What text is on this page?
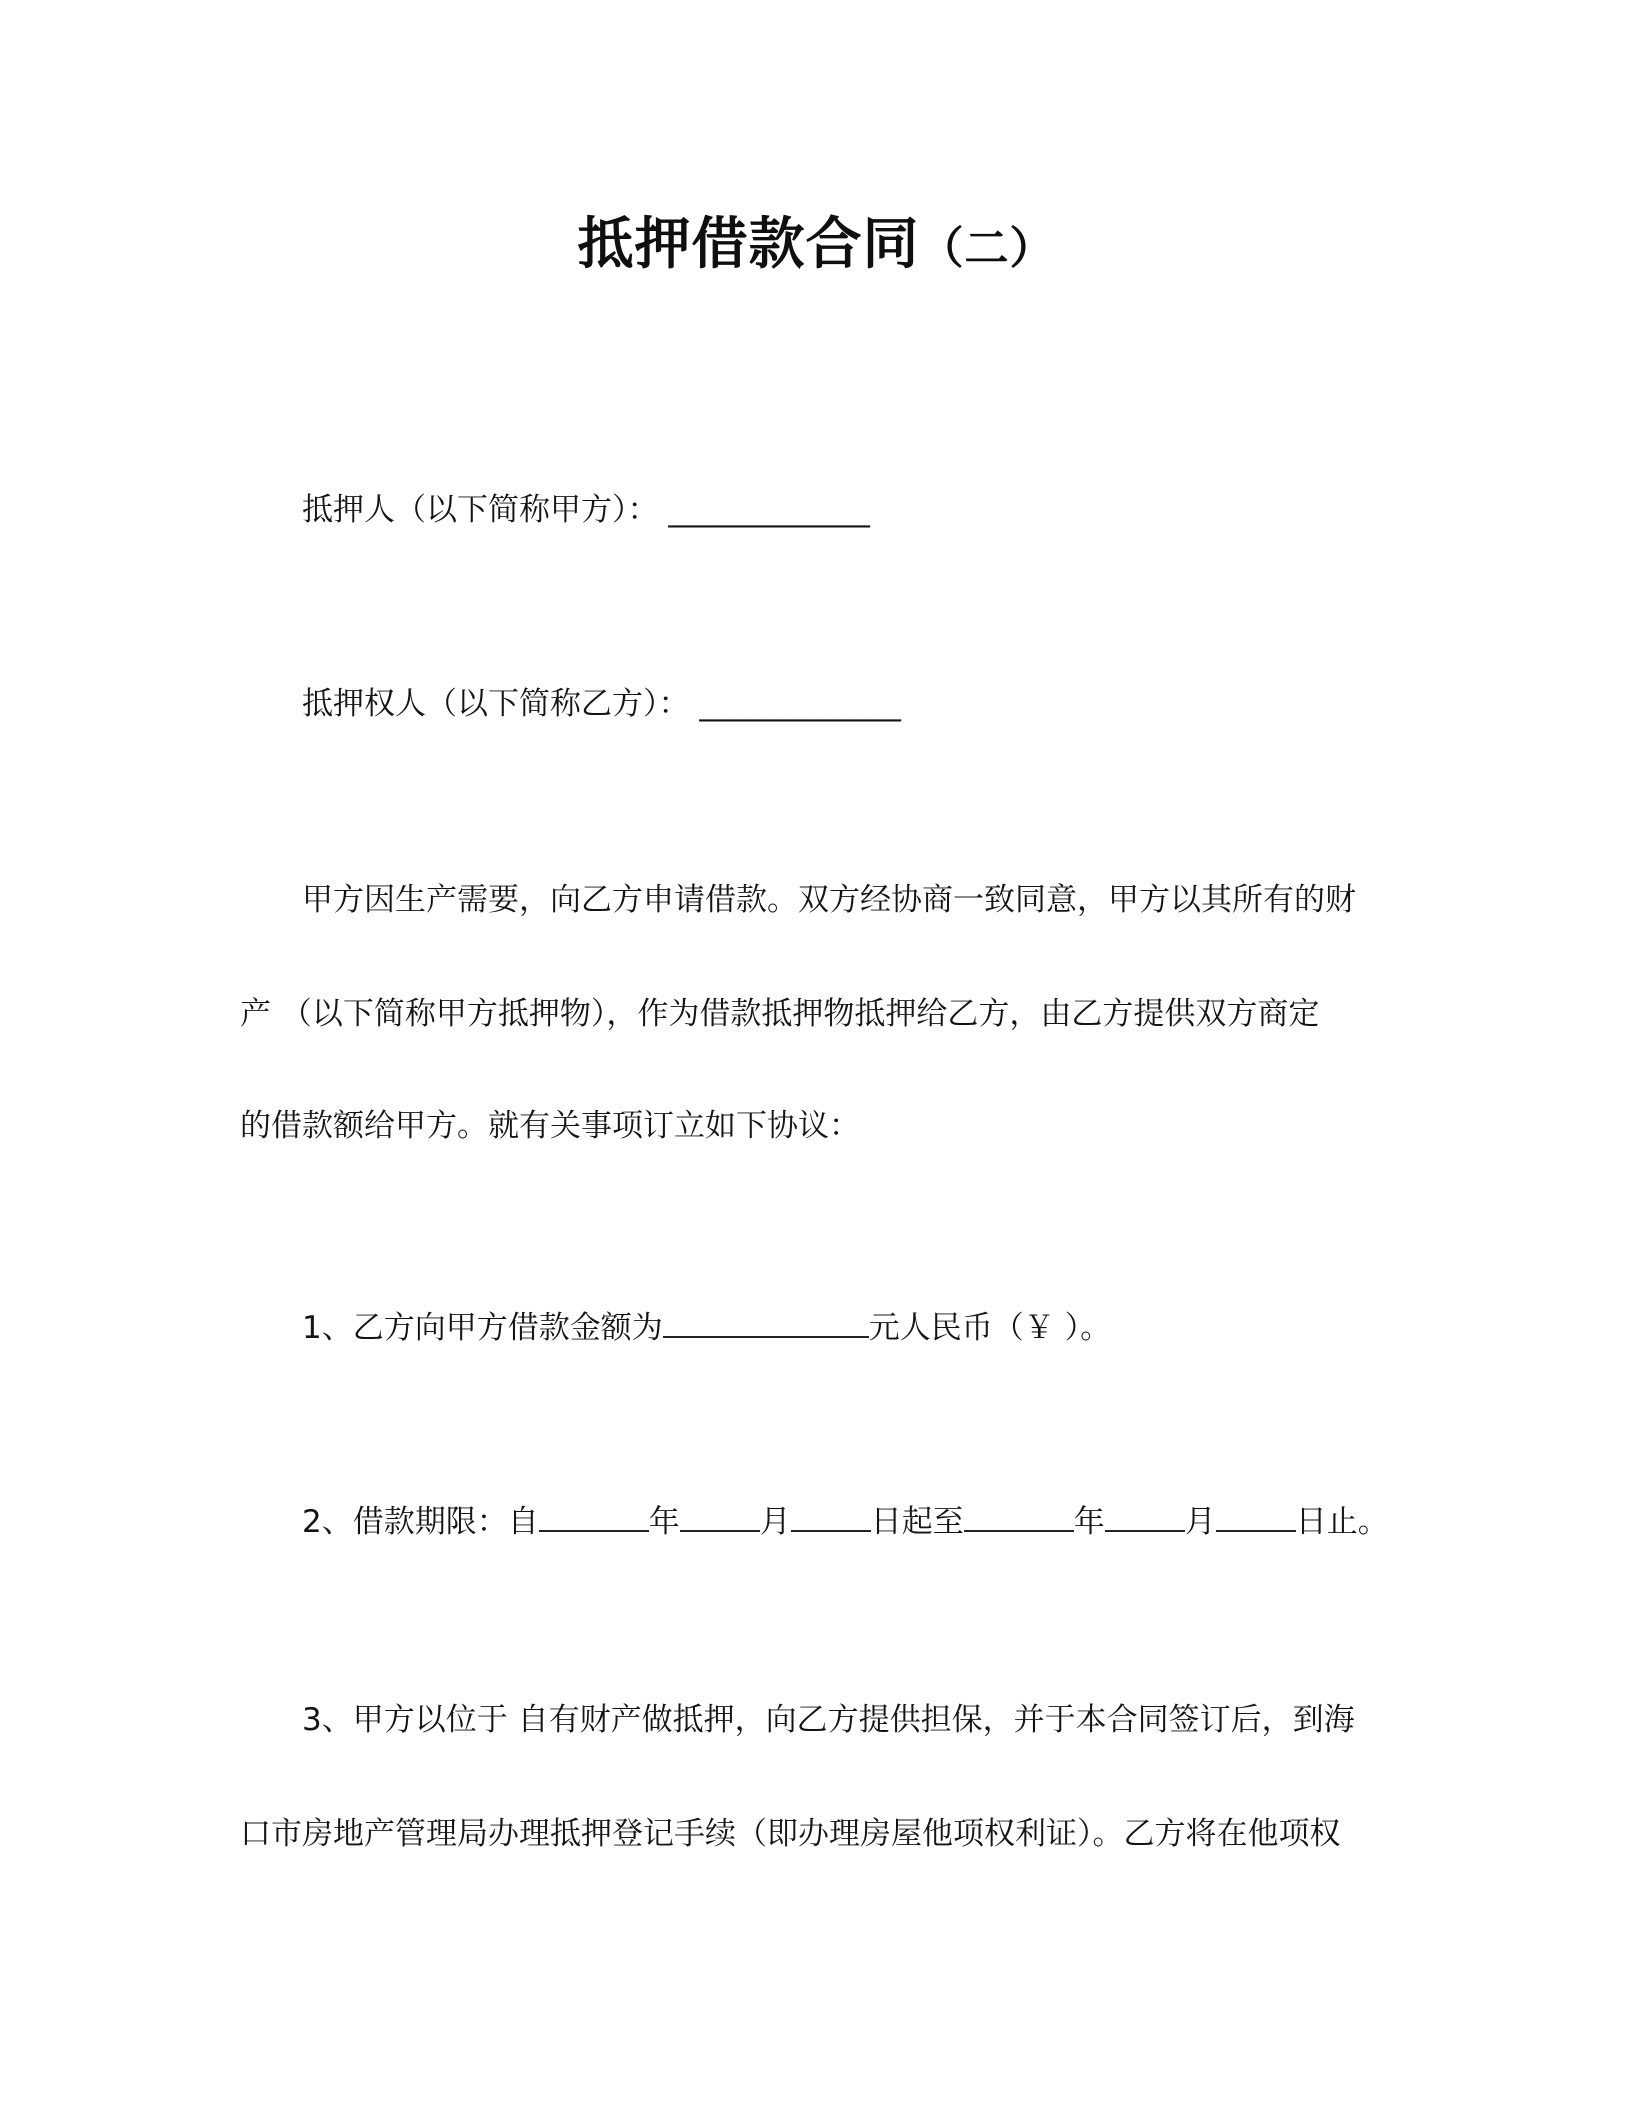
抵押借款合同（二）
抵押人（以下简称甲方）： _____________
抵押权人（以下简称乙方）： _____________
甲方因生产需要，向乙方申请借款。双方经协商一致同意，甲方以其所有的财
产 （以下简称甲方抵押物），作为借款抵押物抵押给乙方，由乙方提供双方商定
的借款额给甲方。就有关事项订立如下协议：
1、乙方向甲方借款金额为	元人民币（￥ ）。
2、借款期限：自	年	月	日起至	年	月	日止。
3、甲方以位于 自有财产做抵押，向乙方提供担保，并于本合同签订后，到海
口市房地产管理局办理抵押登记手续（即办理房屋他项权利证）。乙方将在他项权
